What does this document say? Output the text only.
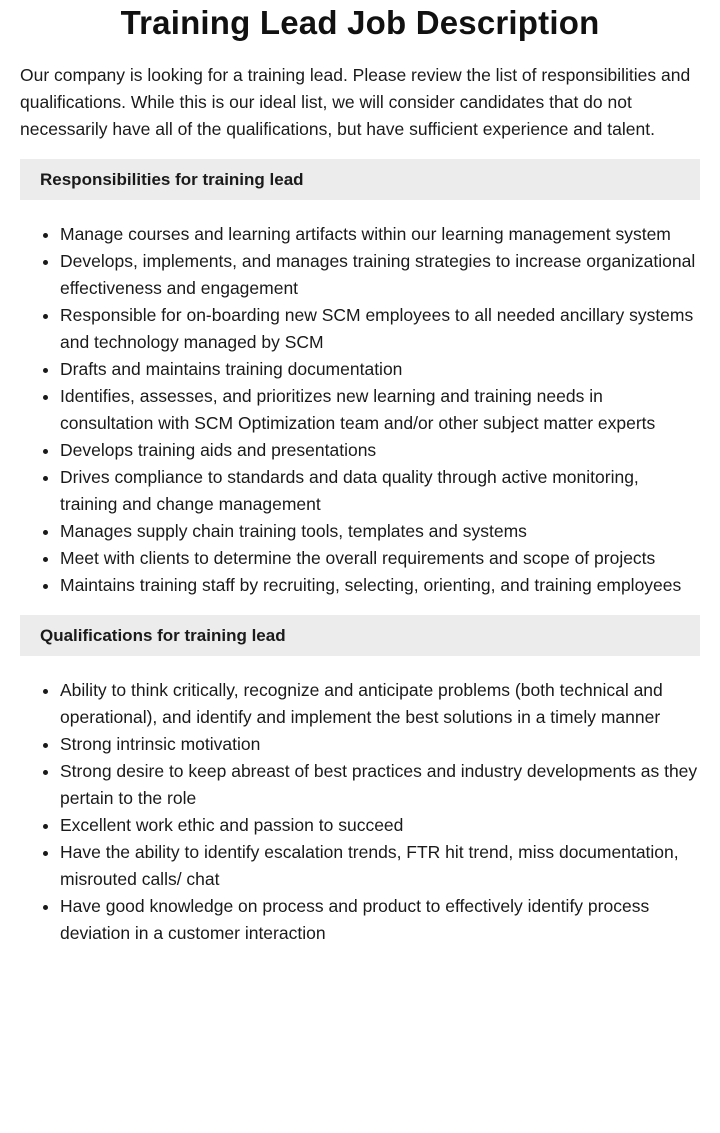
Training Lead Job Description

Our company is looking for a training lead. Please review the list of responsibilities and qualifications. While this is our ideal list, we will consider candidates that do not necessarily have all of the qualifications, but have sufficient experience and talent.

Responsibilities for training lead
• Manage courses and learning artifacts within our learning management system
• Develops, implements, and manages training strategies to increase organizational effectiveness and engagement
• Responsible for on-boarding new SCM employees to all needed ancillary systems and technology managed by SCM
• Drafts and maintains training documentation
• Identifies, assesses, and prioritizes new learning and training needs in consultation with SCM Optimization team and/or other subject matter experts
• Develops training aids and presentations
• Drives compliance to standards and data quality through active monitoring, training and change management
• Manages supply chain training tools, templates and systems
• Meet with clients to determine the overall requirements and scope of projects
• Maintains training staff by recruiting, selecting, orienting, and training employees
Qualifications for training lead
• Ability to think critically, recognize and anticipate problems (both technical and operational), and identify and implement the best solutions in a timely manner
• Strong intrinsic motivation
• Strong desire to keep abreast of best practices and industry developments as they pertain to the role
• Excellent work ethic and passion to succeed
• Have the ability to identify escalation trends, FTR hit trend, miss documentation, misrouted calls/ chat
• Have good knowledge on process and product to effectively identify process deviation in a customer interaction
